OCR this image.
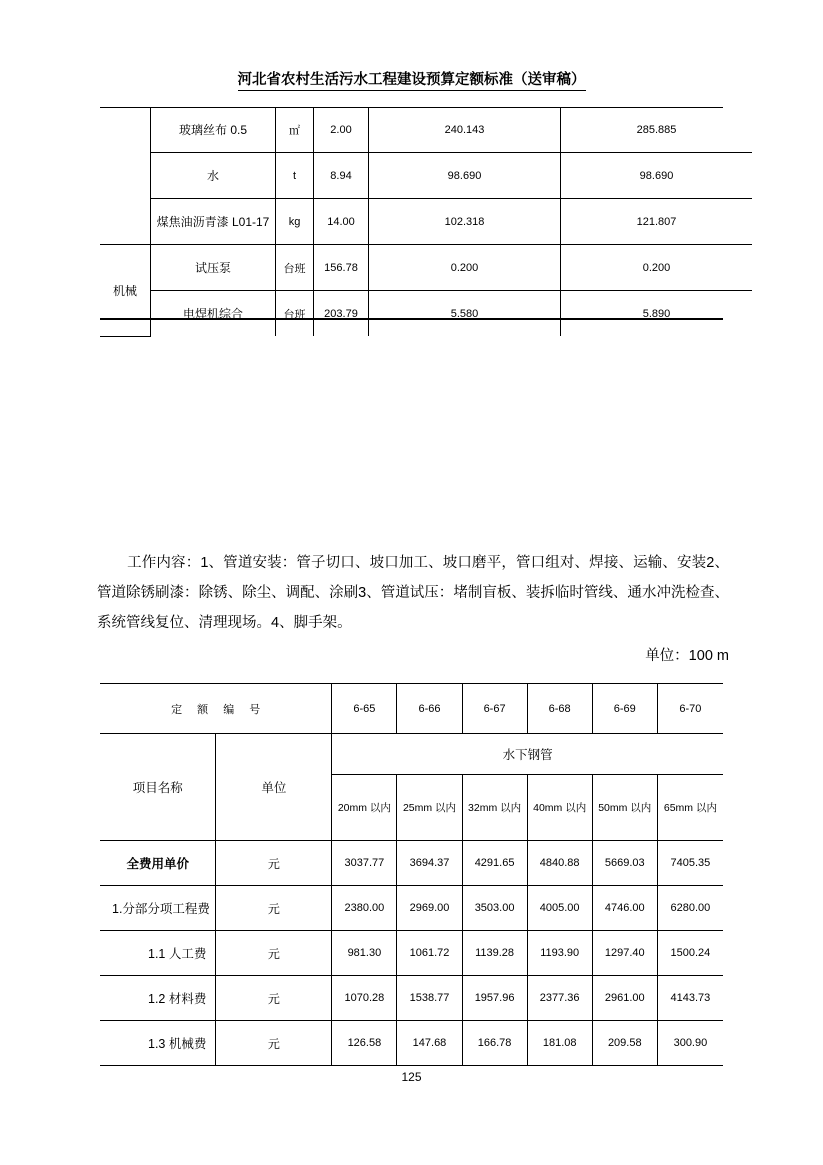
河北省农村生活污水工程建设预算定额标准（送审稿）
	玻璃丝布 0.5	㎡	2.00	240.143	285.885
	水	t	8.94	98.690	98.690
	煤焦油沥青漆 L01-17	kg	14.00	102.318	121.807
机械	试压泵	台班	156.78	0.200	0.200
	电焊机综合	台班	203.79	5.580	5.890
工作内容：1、管道安装：管子切口、坡口加工、坡口磨平，管口组对、焊接、运输、安装2、管道除锈刷漆：除锈、除尘、调配、涂刷3、管道试压：堵制盲板、装拆临时管线、通水冲洗检查、系统管线复位、清理现场。4、脚手架。
单位：100 m
定 额 编 号		6-65	6-66	6-67	6-68	6-69	6-70
项目名称	单位	水下钢管					
		20mm 以内	25mm 以内	32mm 以内	40mm 以内	50mm 以内	65mm 以内
全费用单价	元	3037.77	3694.37	4291.65	4840.88	5669.03	7405.35
1.分部分项工程费	元	2380.00	2969.00	3503.00	4005.00	4746.00	6280.00
1.1 人工费	元	981.30	1061.72	1139.28	1193.90	1297.40	1500.24
1.2 材料费	元	1070.28	1538.77	1957.96	2377.36	2961.00	4143.73
1.3 机械费	元	126.58	147.68	166.78	181.08	209.58	300.90
125
